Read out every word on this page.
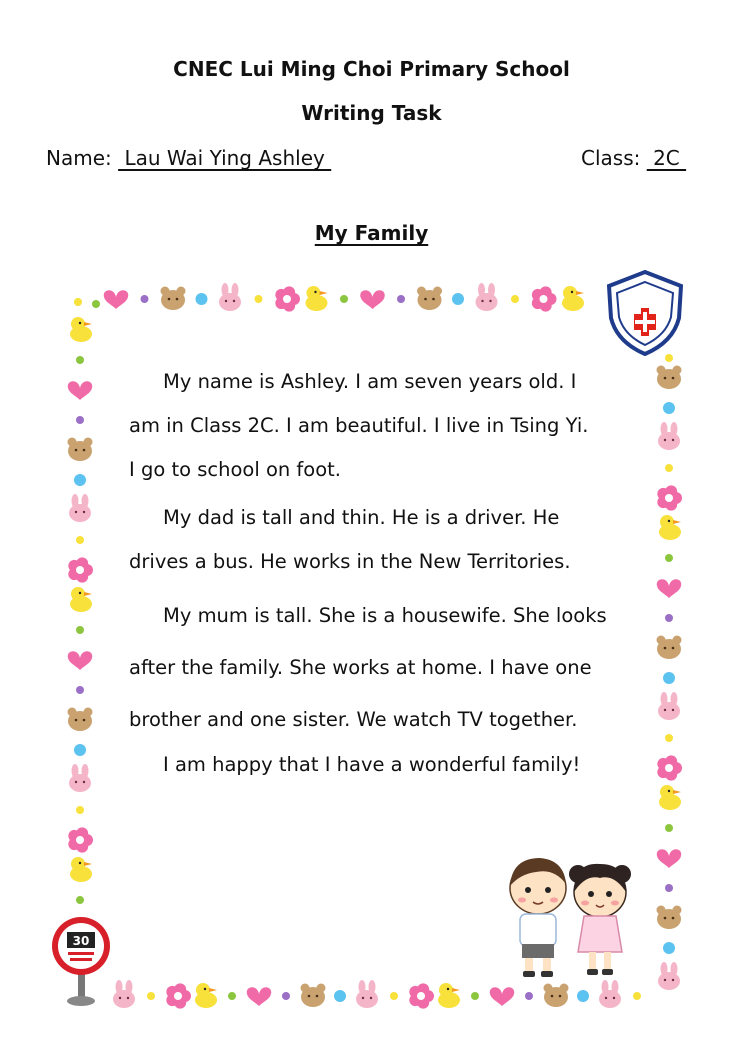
CNEC Lui Ming Choi Primary School
Writing Task
Name:  Lau Wai Ying Ashley	Class:  2C
My Family
30
My name is Ashley. I am seven years old. I
am in Class 2C. I am beautiful. I live in Tsing Yi.
I go to school on foot.
My dad is tall and thin. He is a driver. He
drives a bus. He works in the New Territories.
My mum is tall. She is a housewife. She looks
after the family. She works at home. I have one
brother and one sister. We watch TV together.
I am happy that I have a wonderful family!
